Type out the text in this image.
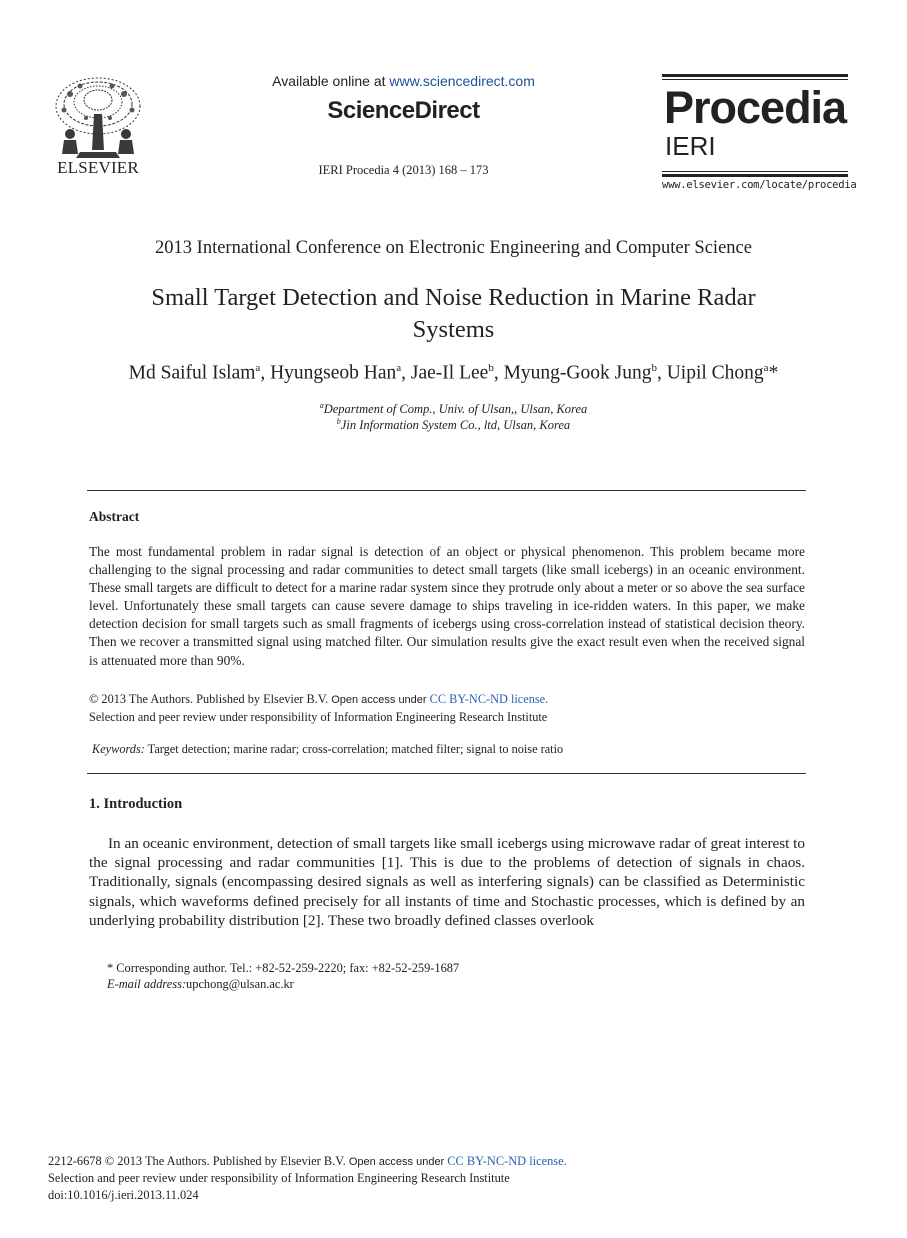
ELSEVIER
Available online at www.sciencedirect.com
ScienceDirect
IERI Procedia 4 (2013) 168 – 173
Procedia
IERI
www.elsevier.com/locate/procedia
2013 International Conference on Electronic Engineering and Computer Science
Small Target Detection and Noise Reduction in Marine Radar
Systems
Md Saiful Islam$^a$, Hyungseob Han$^a$, Jae-Il Lee$^b$, Myung-Gook Jung$^b$, Uipil Chong$^a$*
$^a$Department of Comp., Univ. of Ulsan,, Ulsan, Korea
$^b$Jin Information System Co., ltd, Ulsan, Korea
Abstract
The most fundamental problem in radar signal is detection of an object or physical phenomenon. This problem became more challenging to the signal processing and radar communities to detect small targets (like small icebergs) in an oceanic environment. These small targets are difficult to detect for a marine radar system since they protrude only about a meter or so above the sea surface level. Unfortunately these small targets can cause severe damage to ships traveling in ice-ridden waters. In this paper, we make detection decision for small targets such as small fragments of icebergs using cross-correlation instead of statistical decision theory. Then we recover a transmitted signal using matched filter. Our simulation results give the exact result even when the received signal is attenuated more than 90%.
© 2013 The Authors. Published by Elsevier B.V. Open access under CC BY-NC-ND license.
Selection and peer review under responsibility of Information Engineering Research Institute
Keywords: Target detection; marine radar; cross-correlation; matched filter; signal to noise ratio
1. Introduction
In an oceanic environment, detection of small targets like small icebergs using microwave radar of great interest to the signal processing and radar communities [1]. This is due to the problems of detection of signals in chaos. Traditionally, signals (encompassing desired signals as well as interfering signals) can be classified as Deterministic signals, which waveforms defined precisely for all instants of time and Stochastic processes, which is defined by an underlying probability distribution [2]. These two broadly defined classes overlook
* Corresponding author. Tel.: +82-52-259-2220; fax: +82-52-259-1687
E-mail address:upchong@ulsan.ac.kr
2212-6678 © 2013 The Authors. Published by Elsevier B.V. Open access under CC BY-NC-ND license.
Selection and peer review under responsibility of Information Engineering Research Institute
doi:10.1016/j.ieri.2013.11.024
